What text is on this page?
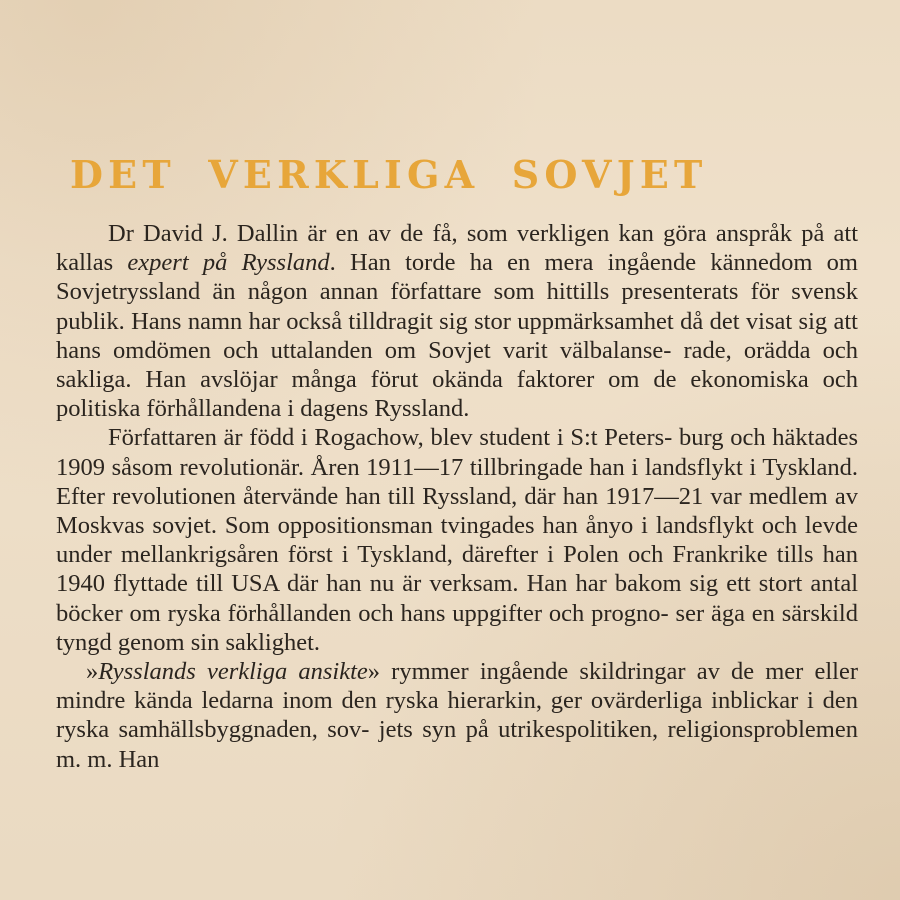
DET VERKLIGA SOVJET

Dr David J. Dallin är en av de få, som verkligen kan göra anspråk på att kallas expert på Ryssland. Han torde ha en mera ingående kännedom om Sovjetryssland än någon annan författare som hittills presenterats för svensk publik. Hans namn har också tilldragit sig stor uppmärksamhet då det visat sig att hans omdömen och uttalanden om Sovjet varit välbalanse- rade, orädda och sakliga. Han avslöjar många förut okända faktorer om de ekonomiska och politiska förhållandena i dagens Ryssland.

Författaren är född i Rogachow, blev student i S:t Peters- burg och häktades 1909 såsom revolutionär. Åren 1911—17 tillbringade han i landsflykt i Tyskland. Efter revolutionen återvände han till Ryssland, där han 1917—21 var medlem av Moskvas sovjet. Som oppositionsman tvingades han ånyo i landsflykt och levde under mellankrigsåren först i Tyskland, därefter i Polen och Frankrike tills han 1940 flyttade till USA där han nu är verksam. Han har bakom sig ett stort antal böcker om ryska förhållanden och hans uppgifter och progno- ser äga en särskild tyngd genom sin saklighet.

»Rysslands verkliga ansikte» rymmer ingående skildringar av de mer eller mindre kända ledarna inom den ryska hierarkin, ger ovärderliga inblickar i den ryska samhällsbyggnaden, sov- jets syn på utrikespolitiken, religionsproblemen m. m. Han
